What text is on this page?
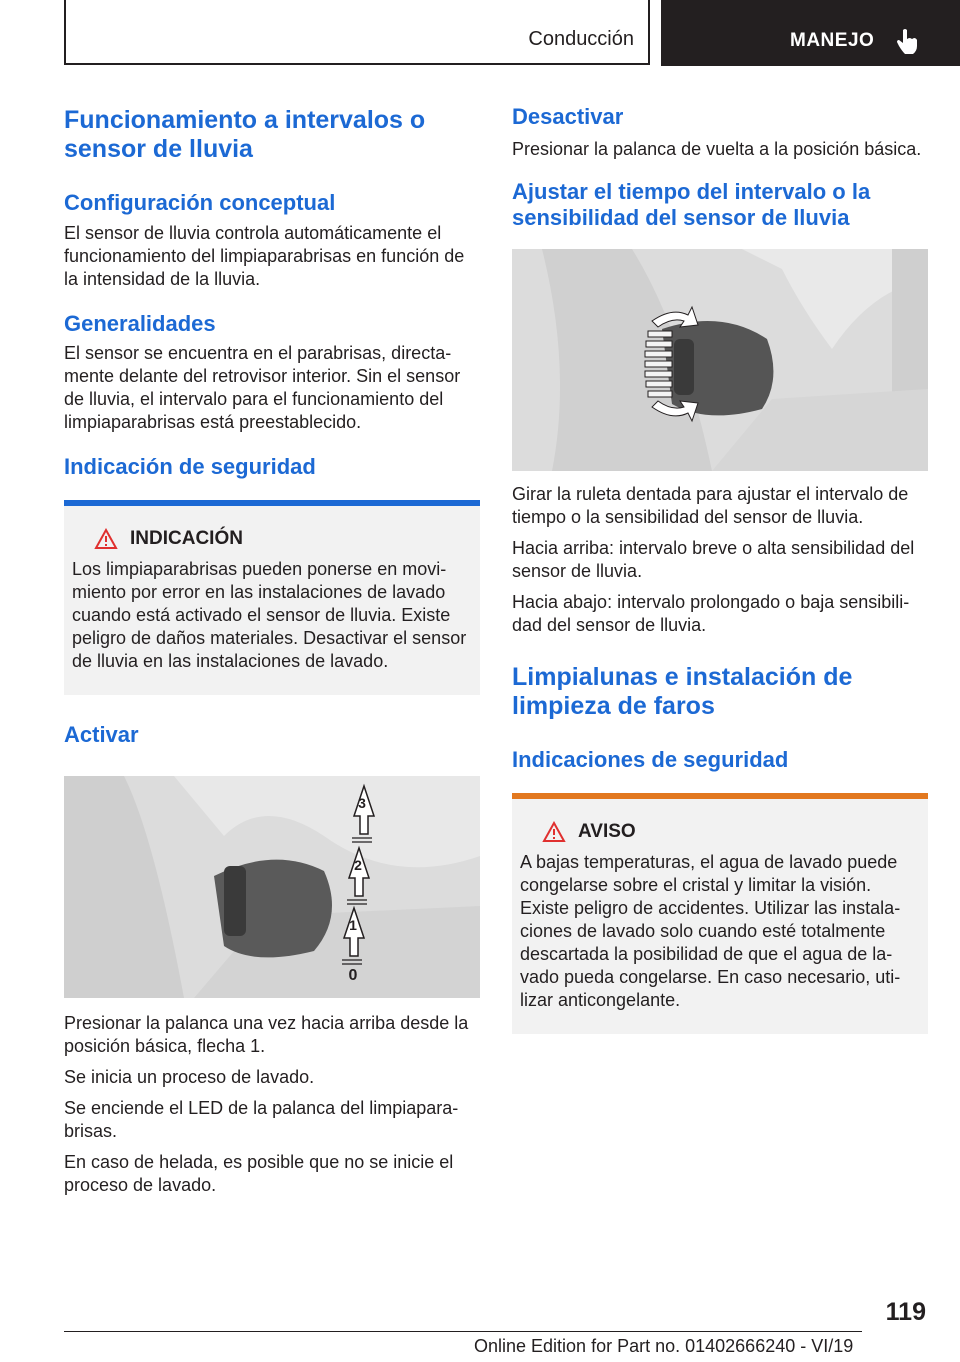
Conducción	MANEJO
Funcionamiento a intervalos o sensor de lluvia
Configuración conceptual

El sensor de lluvia controla automáticamente el funcionamiento del limpiaparabrisas en función de la intensidad de la lluvia.

Generalidades

El sensor se encuentra en el parabrisas, directamente delante del retrovisor interior. Sin el sensor de lluvia, el intervalo para el funcionamiento del limpiaparabrisas está preestablecido.

Indicación de seguridad
INDICACIÓN

Los limpiaparabrisas pueden ponerse en movimiento por error en las instalaciones de lavado cuando está activado el sensor de lluvia. Existe peligro de daños materiales. Desactivar el sensor de lluvia en las instalaciones de lavado.

Activar
3
2
1
0

Presionar la palanca una vez hacia arriba desde la posición básica, flecha 1.

Se inicia un proceso de lavado.

Se enciende el LED de la palanca del limpiaparabrisas.

En caso de helada, es posible que no se inicie el proceso de lavado.

Desactivar

Presionar la palanca de vuelta a la posición básica.

Ajustar el tiempo del intervalo o la sensibilidad del sensor de lluvia

Girar la ruleta dentada para ajustar el intervalo de tiempo o la sensibilidad del sensor de lluvia.

Hacia arriba: intervalo breve o alta sensibilidad del sensor de lluvia.

Hacia abajo: intervalo prolongado o baja sensibilidad del sensor de lluvia.

Limpialunas e instalación de limpieza de faros
Indicaciones de seguridad
AVISO

A bajas temperaturas, el agua de lavado puede congelarse sobre el cristal y limitar la visión. Existe peligro de accidentes. Utilizar las instalaciones de lavado solo cuando esté totalmente descartada la posibilidad de que el agua de lavado pueda congelarse. En caso necesario, utilizar anticongelante.

119
Online Edition for Part no. 01402666240 - VI/19
